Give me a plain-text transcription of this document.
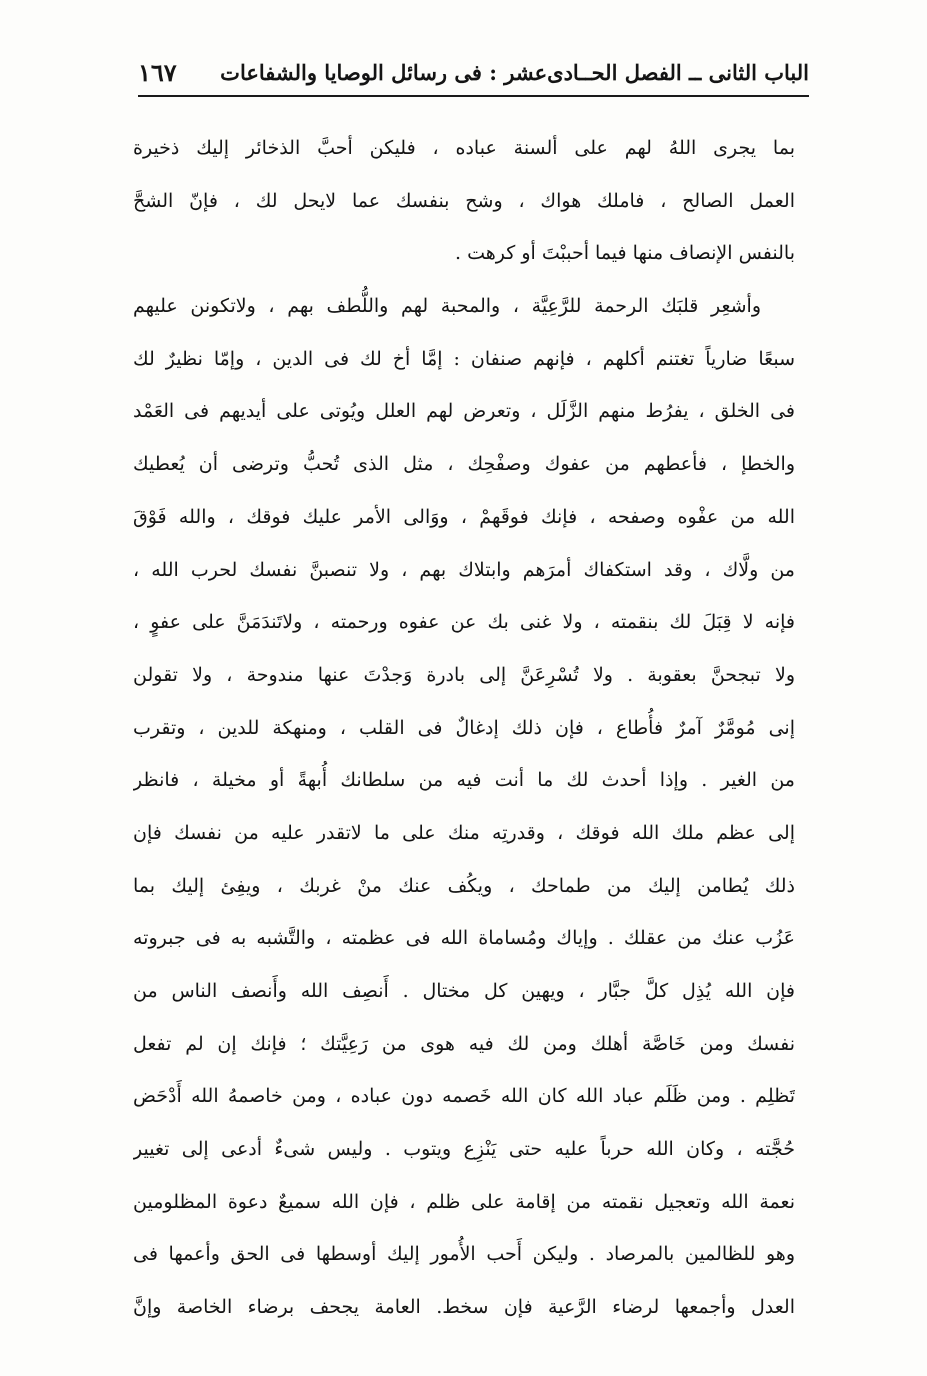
الباب الثانى ــ الفصل الحــادى‌عشر : فى رسائل الوصايا والشفاعات
١٦٧
بما يجرى اللهُ لهم على ألسنة عباده ، فليكن أحبَّ الذخائر إليك ذخيرة
العمل الصالح ، فاملك هواك ، وشح بنفسك عما لايحل لك ، فإنّ الشحَّ
بالنفس الإنصاف منها فيما أحببْتَ أو كرهت .
وأشعِر قلبَك الرحمة للرَّعِيَّة ، والمحبة لهم واللُّطف بهم ، ولاتكونن عليهم
سبعًا ضارياً تغتنم أكلهم ، فإنهم صنفان : إمَّا أخ لك فى الدين ، وإمّا نظيرٌ لك
فى الخلق ، يفرُط منهم الزَّلَل ، وتعرض لهم العلل ويُوتى على أيديهم فى العَمْد
والخطإ ، فأعطهم من عفوك وصفْحِك ، مثل الذى تُحبُّ وترضى أن يُعطيك
الله من عفْوه وصفحه ، فإنك فوقَهمْ ، ووَالى الأمر عليك فوقك ، والله فَوْقَ
من ولَّاك ، وقد استكفاك أمرَهم وابتلاك بهم ، ولا تنصبنَّ نفسك لحرب الله ،
فإنه لا قِبَلَ لك بنقمته ، ولا غنى بك عن عفوه ورحمته ، ولاتَندَمَنَّ على عفوٍ ،
ولا تبجحنَّ بعقوبة . ولا تُسْرِعَنَّ إلى بادرة وَجدْتَ عنها مندوحة ، ولا تقولن
إنى مُومَّرٌ آمرٌ فأُطاع ، فإن ذلك إدغالٌ فى القلب ، ومنهكة للدين ، وتقرب
من الغير . وإذا أحدث لك ما أنت فيه من سلطانك أُبهةً أو مخيلة ، فانظر
إلى عظم ملك الله فوقك ، وقدرتِه منك على ما لاتقدر عليه من نفسك فإن
ذلك يُطامن إليك من طماحك ، ويكُف عنك منْ غربك ، ويفِئ إليك بما
عَزُب عنك من عقلك . وإياك ومُساماة الله فى عظمته ، والتَّشبه به فى جبروته
فإن الله يُذِل كلَّ جبَّار ، ويهين كل مختال . أَنصِف الله وأَنصف الناس من
نفسك ومن خَاصَّة أهلك ومن لك فيه هوى من رَعِيَّتك ؛ فإنك إن لم تفعل
تَظلِم . ومن ظَلَم عباد الله كان الله خَصمه دون عباده ، ومن خاصمهُ الله أَدْحَض
حُجَّته ، وكان الله حرباً عليه حتى يَنْزِع ويتوب . وليس شىءٌ أدعى إلى تغيير
نعمة الله وتعجيل نقمته من إقامة على ظلم ، فإن الله سميعٌ دعوة المظلومين
وهو للظالمين بالمرصاد . وليكن أَحب الأُمور إليك أوسطها فى الحق وأعمها فى
العدل وأجمعها لرضاء الرَّعية فإن سخط. العامة يجحف برضاء الخاصة وإنَّ
